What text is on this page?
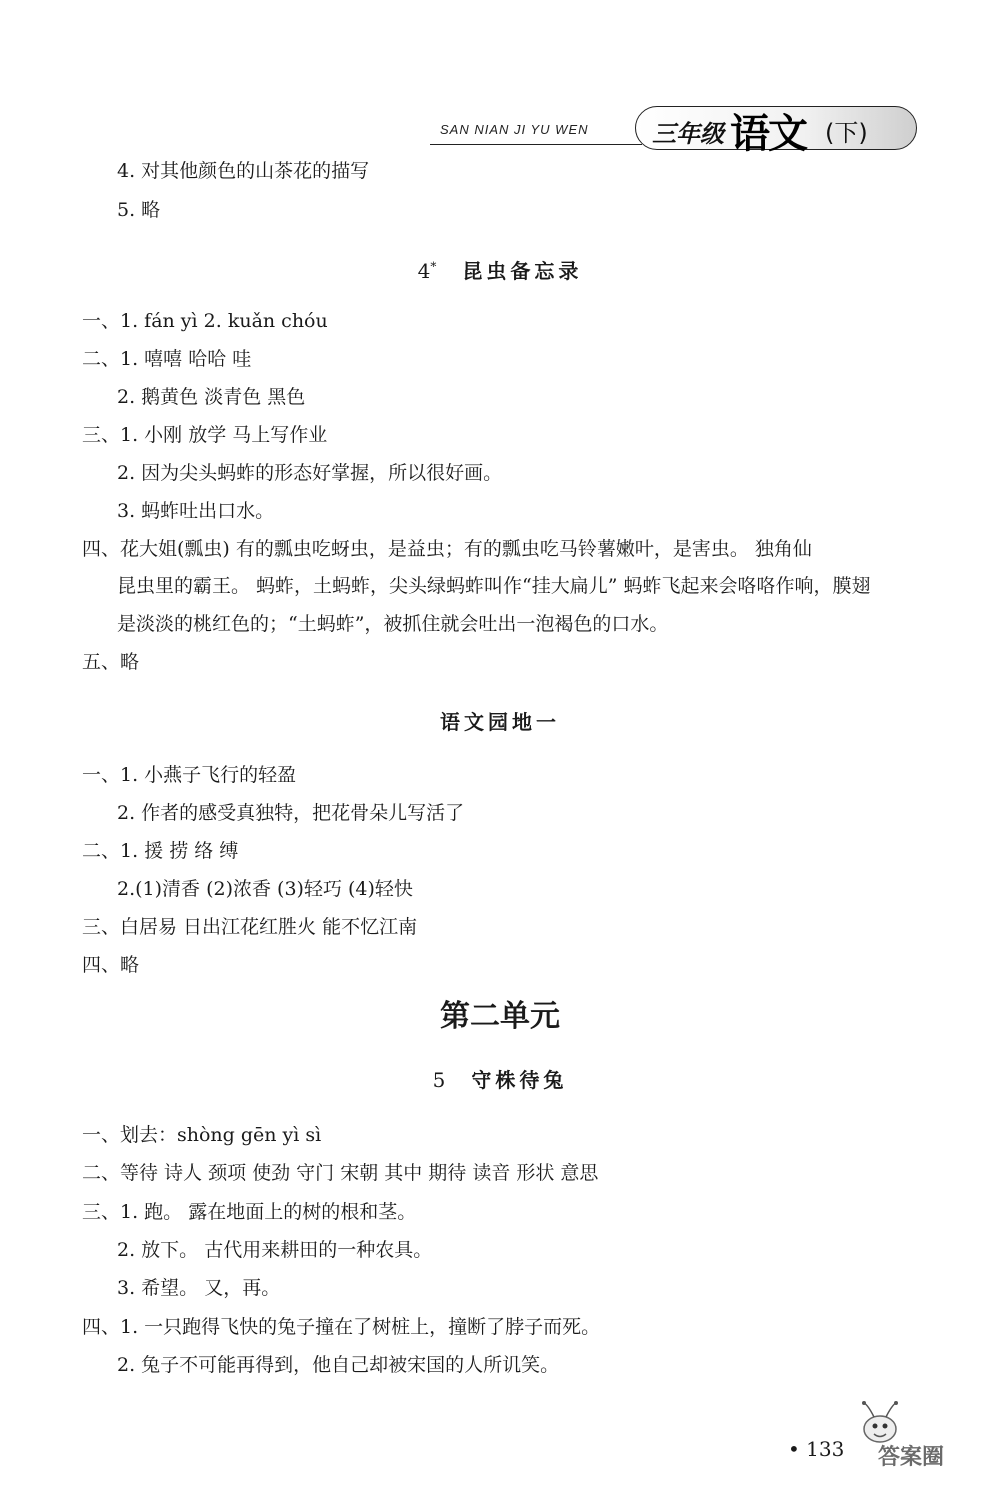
SAN NIAN JI YU WEN	三年级 语文 (下)
4. 对其他颜色的山茶花的描写
5. 略
4* 昆虫备忘录
一、1. fán yì 2. kuǎn chóu
二、1. 嘻嘻 哈哈 哇
2. 鹅黄色 淡青色 黑色
三、1. 小刚 放学 马上写作业
2. 因为尖头蚂蚱的形态好掌握，所以很好画。
3. 蚂蚱吐出口水。
四、花大姐(瓢虫) 有的瓢虫吃蚜虫，是益虫；有的瓢虫吃马铃薯嫩叶，是害虫。 独角仙
昆虫里的霸王。 蚂蚱，土蚂蚱，尖头绿蚂蚱叫作“挂大扁儿” 蚂蚱飞起来会咯咯作响，膜翅
是淡淡的桃红色的；“土蚂蚱”，被抓住就会吐出一泡褐色的口水。
五、略
语文园地一
一、1. 小燕子飞行的轻盈
2. 作者的感受真独特，把花骨朵儿写活了
二、1. 援 捞 络 缚
2.(1)清香 (2)浓香 (3)轻巧 (4)轻快
三、白居易 日出江花红胜火 能不忆江南
四、略
第二单元
5 守株待兔
一、划去：shòng gēn yì sì
二、等待 诗人 颈项 使劲 守门 宋朝 其中 期待 读音 形状 意思
三、1. 跑。 露在地面上的树的根和茎。
2. 放下。 古代用来耕田的一种农具。
3. 希望。 又，再。
四、1. 一只跑得飞快的兔子撞在了树桩上，撞断了脖子而死。
2. 兔子不可能再得到，他自己却被宋国的人所讥笑。
• 133 答案圈
